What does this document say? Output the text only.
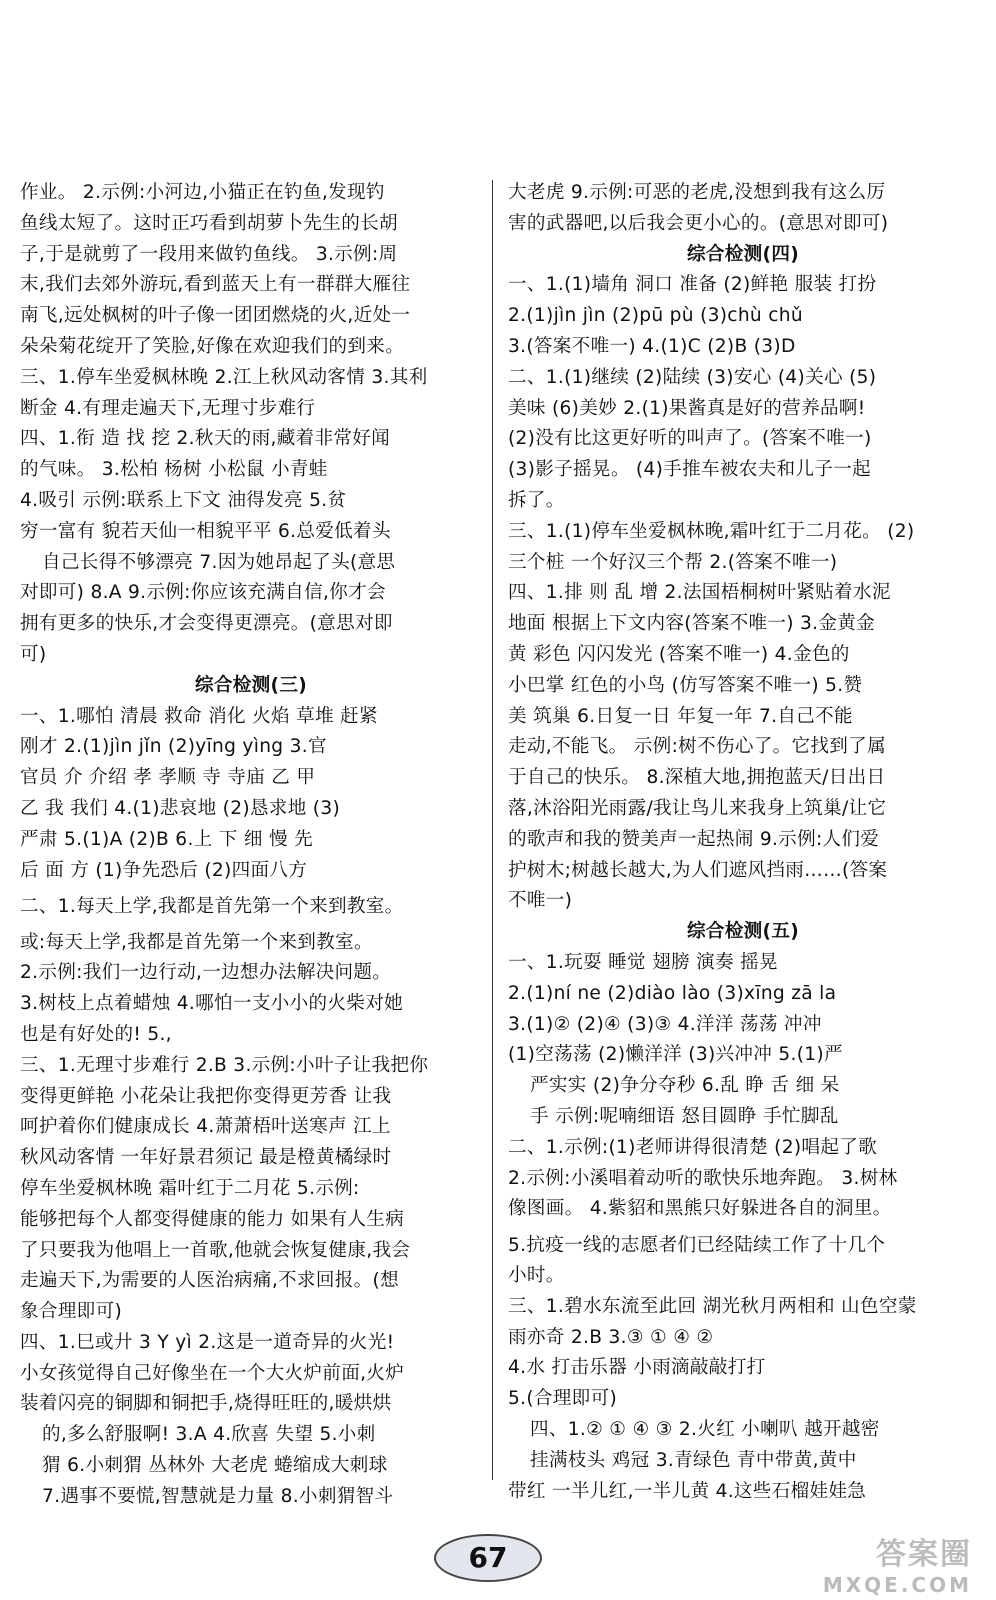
作业。 2.示例:小河边,小猫正在钓鱼,发现钓
鱼线太短了。这时正巧看到胡萝卜先生的长胡
子,于是就剪了一段用来做钓鱼线。 3.示例:周
末,我们去郊外游玩,看到蓝天上有一群群大雁往
南飞,远处枫树的叶子像一团团燃烧的火,近处一
朵朵菊花绽开了笑脸,好像在欢迎我们的到来。
三、1.停车坐爱枫林晚 2.江上秋风动客情 3.其利
断金 4.有理走遍天下,无理寸步难行
四、1.衔 造 找 挖 2.秋天的雨,藏着非常好闻
的气味。 3.松柏 杨树 小松鼠 小青蛙
4.吸引 示例:联系上下文 油得发亮 5.贫
穷一富有 貌若天仙一相貌平平 6.总爱低着头
自己长得不够漂亮 7.因为她昂起了头(意思
对即可) 8.A 9.示例:你应该充满自信,你才会
拥有更多的快乐,才会变得更漂亮。(意思对即
可)
综合检测(三)
一、1.哪怕 清晨 救命 消化 火焰 草堆 赶紧
刚才 2.(1)jìn jǐn (2)yīng yìng 3.官
官员 介 介绍 孝 孝顺 寺 寺庙 乙 甲
乙 我 我们 4.(1)悲哀地 (2)恳求地 (3)
严肃 5.(1)A (2)B 6.上 下 细 慢 先
后 面 方 (1)争先恐后 (2)四面八方
二、1.每天上学,我都是首先第一个来到教室。
或:每天上学,我都是首先第一个来到教室。
2.示例:我们一边行动,一边想办法解决问题。
3.树枝上点着蜡烛 4.哪怕一支小小的火柴对她
也是有好处的! 5.,
三、1.无理寸步难行 2.B 3.示例:小叶子让我把你
变得更鲜艳 小花朵让我把你变得更芳香 让我
呵护着你们健康成长 4.萧萧梧叶送寒声 江上
秋风动客情 一年好景君须记 最是橙黄橘绿时
停车坐爱枫林晚 霜叶红于二月花 5.示例:
能够把每个人都变得健康的能力 如果有人生病
了只要我为他唱上一首歌,他就会恢复健康,我会
走遍天下,为需要的人医治病痛,不求回报。(想
象合理即可)
四、1.巳或廾 3 Y yì 2.这是一道奇异的火光!
小女孩觉得自己好像坐在一个大火炉前面,火炉
装着闪亮的铜脚和铜把手,烧得旺旺的,暖烘烘
的,多么舒服啊! 3.A 4.欣喜 失望 5.小刺
猬 6.小刺猬 丛林外 大老虎 蜷缩成大刺球
7.遇事不要慌,智慧就是力量 8.小刺猬智斗
大老虎 9.示例:可恶的老虎,没想到我有这么厉
害的武器吧,以后我会更小心的。(意思对即可)
综合检测(四)
一、1.(1)墙角 洞口 准备 (2)鲜艳 服装 打扮
2.(1)jìn jìn (2)pū pù (3)chù chǔ
3.(答案不唯一) 4.(1)C (2)B (3)D
二、1.(1)继续 (2)陆续 (3)安心 (4)关心 (5)
美味 (6)美妙 2.(1)果酱真是好的营养品啊!
(2)没有比这更好听的叫声了。(答案不唯一)
(3)影子摇晃。 (4)手推车被农夫和儿子一起
拆了。
三、1.(1)停车坐爱枫林晚,霜叶红于二月花。 (2)
三个桩 一个好汉三个帮 2.(答案不唯一)
四、1.排 则 乱 增 2.法国梧桐树叶紧贴着水泥
地面 根据上下文内容(答案不唯一) 3.金黄金
黄 彩色 闪闪发光 (答案不唯一) 4.金色的
小巴掌 红色的小鸟 (仿写答案不唯一) 5.赞
美 筑巢 6.日复一日 年复一年 7.自己不能
走动,不能飞。 示例:树不伤心了。它找到了属
于自己的快乐。 8.深植大地,拥抱蓝天/日出日
落,沐浴阳光雨露/我让鸟儿来我身上筑巢/让它
的歌声和我的赞美声一起热闹 9.示例:人们爱
护树木;树越长越大,为人们遮风挡雨……(答案
不唯一)
综合检测(五)
一、1.玩耍 睡觉 翅膀 演奏 摇晃
2.(1)ní ne (2)diào lào (3)xīng zā la
3.(1)② (2)④ (3)③ 4.洋洋 荡荡 冲冲
(1)空荡荡 (2)懒洋洋 (3)兴冲冲 5.(1)严
严实实 (2)争分夺秒 6.乱 睁 舌 细 呆
手 示例:呢喃细语 怒目圆睁 手忙脚乱
二、1.示例:(1)老师讲得很清楚 (2)唱起了歌
2.示例:小溪唱着动听的歌快乐地奔跑。 3.树林
像图画。 4.紫貂和黑熊只好躲进各自的洞里。
5.抗疫一线的志愿者们已经陆续工作了十几个
小时。
三、1.碧水东流至此回 湖光秋月两相和 山色空蒙
雨亦奇 2.B 3.③ ① ④ ②
4.水 打击乐器 小雨滴敲敲打打
5.(合理即可)
四、1.② ① ④ ③ 2.火红 小喇叭 越开越密
挂满枝头 鸡冠 3.青绿色 青中带黄,黄中
带红 一半儿红,一半儿黄 4.这些石榴娃娃急
67	答案圈
MXQE.COM
